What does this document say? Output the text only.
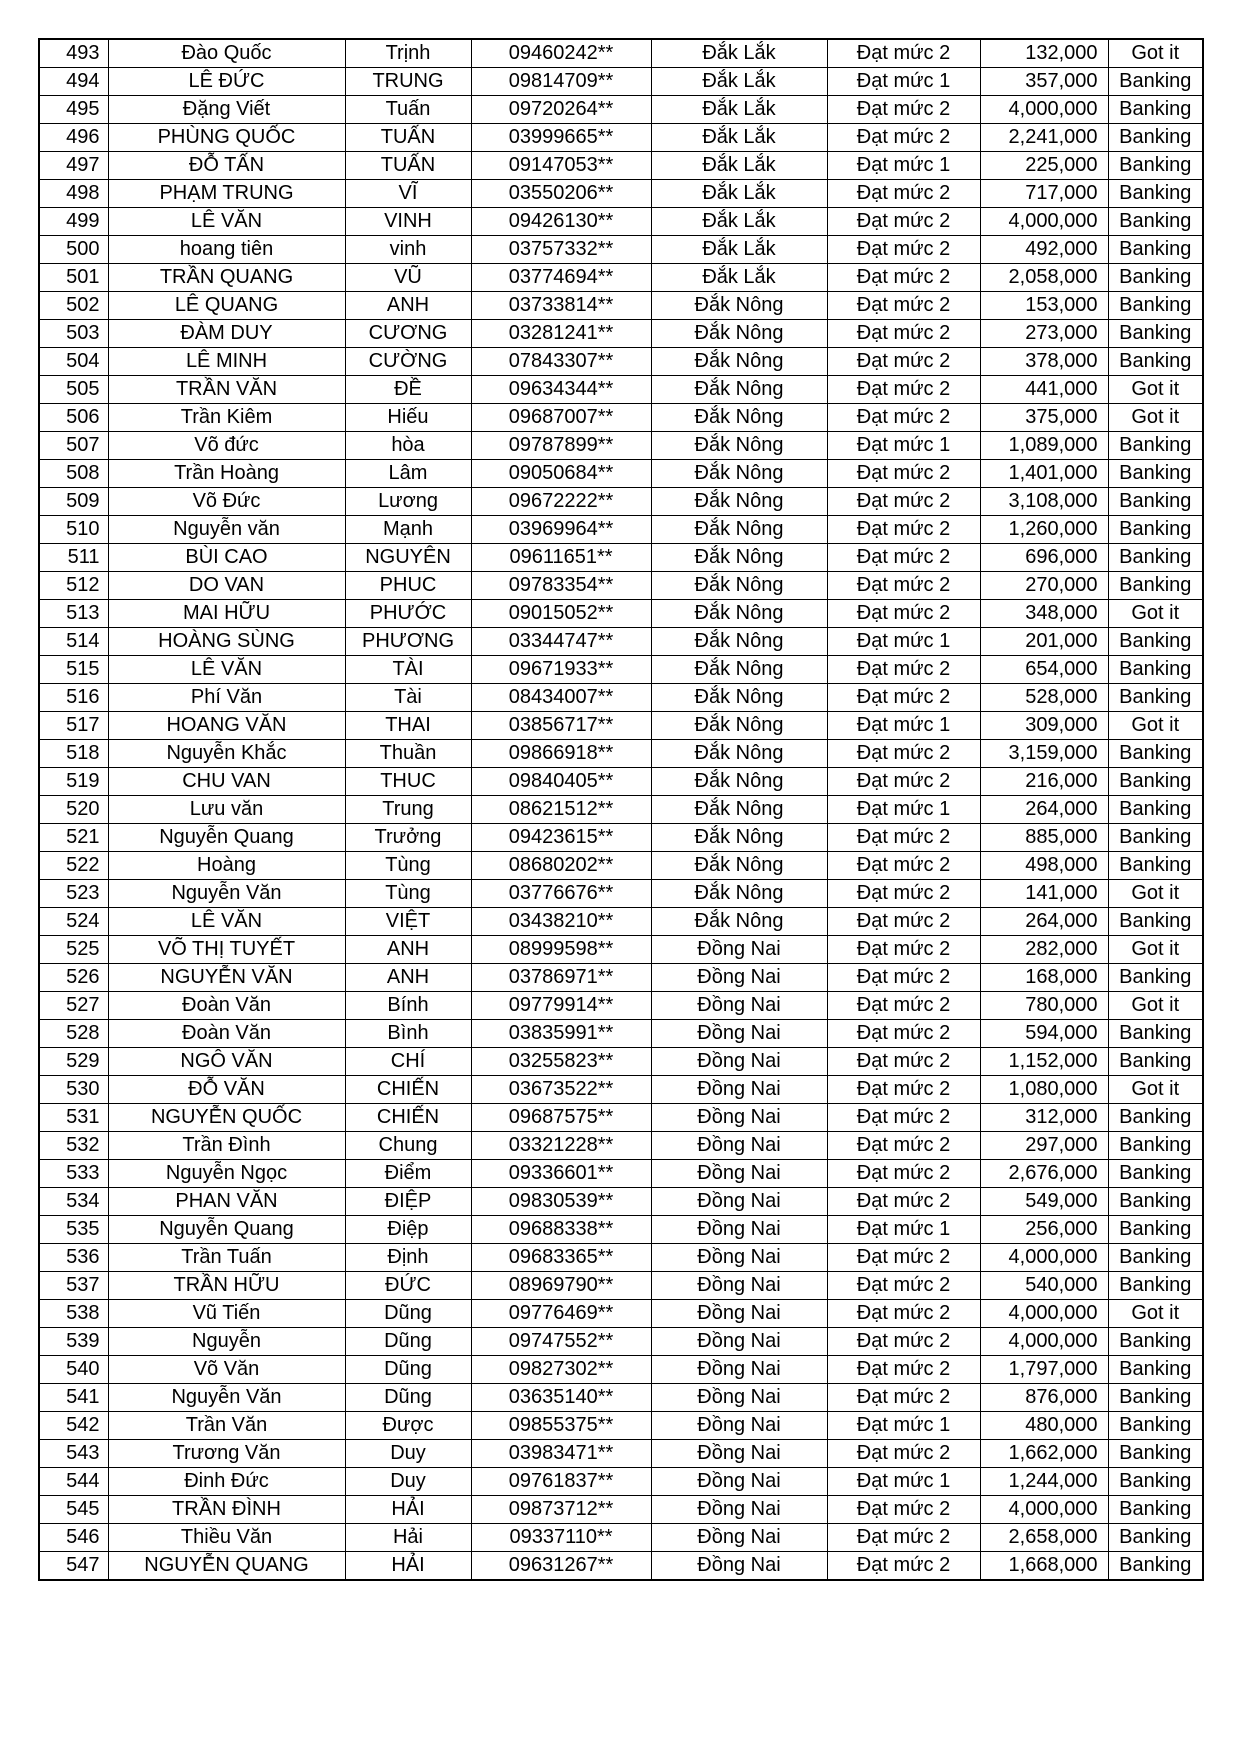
493	Đào Quốc	Trịnh	09460242**	Đắk Lắk	Đạt mức 2	132,000	Got it
494	LÊ ĐỨC	TRUNG	09814709**	Đắk Lắk	Đạt mức 1	357,000	Banking
495	Đặng Viết	Tuấn	09720264**	Đắk Lắk	Đạt mức 2	4,000,000	Banking
496	PHÙNG QUỐC	TUẤN	03999665**	Đắk Lắk	Đạt mức 2	2,241,000	Banking
497	ĐỖ TẤN	TUẤN	09147053**	Đắk Lắk	Đạt mức 1	225,000	Banking
498	PHẠM TRUNG	VĨ	03550206**	Đắk Lắk	Đạt mức 2	717,000	Banking
499	LÊ VĂN	VINH	09426130**	Đắk Lắk	Đạt mức 2	4,000,000	Banking
500	hoang tiên	vinh	03757332**	Đắk Lắk	Đạt mức 2	492,000	Banking
501	TRẦN QUANG	VŨ	03774694**	Đắk Lắk	Đạt mức 2	2,058,000	Banking
502	LÊ QUANG	ANH	03733814**	Đắk Nông	Đạt mức 2	153,000	Banking
503	ĐÀM DUY	CƯƠNG	03281241**	Đắk Nông	Đạt mức 2	273,000	Banking
504	LÊ MINH	CƯỜNG	07843307**	Đắk Nông	Đạt mức 2	378,000	Banking
505	TRẦN VĂN	ĐỀ	09634344**	Đắk Nông	Đạt mức 2	441,000	Got it
506	Trần Kiêm	Hiếu	09687007**	Đắk Nông	Đạt mức 2	375,000	Got it
507	Võ đức	hòa	09787899**	Đắk Nông	Đạt mức 1	1,089,000	Banking
508	Trần Hoàng	Lâm	09050684**	Đắk Nông	Đạt mức 2	1,401,000	Banking
509	Võ Đức	Lương	09672222**	Đắk Nông	Đạt mức 2	3,108,000	Banking
510	Nguyễn văn	Mạnh	03969964**	Đắk Nông	Đạt mức 2	1,260,000	Banking
511	BÙI CAO	NGUYÊN	09611651**	Đắk Nông	Đạt mức 2	696,000	Banking
512	DO VAN	PHUC	09783354**	Đắk Nông	Đạt mức 2	270,000	Banking
513	MAI HỮU	PHƯỚC	09015052**	Đắk Nông	Đạt mức 2	348,000	Got it
514	HOÀNG SÙNG	PHƯƠNG	03344747**	Đắk Nông	Đạt mức 1	201,000	Banking
515	LÊ VĂN	TÀI	09671933**	Đắk Nông	Đạt mức 2	654,000	Banking
516	Phí Văn	Tài	08434007**	Đắk Nông	Đạt mức 2	528,000	Banking
517	HOANG VĂN	THAI	03856717**	Đắk Nông	Đạt mức 1	309,000	Got it
518	Nguyễn Khắc	Thuần	09866918**	Đắk Nông	Đạt mức 2	3,159,000	Banking
519	CHU VAN	THUC	09840405**	Đắk Nông	Đạt mức 2	216,000	Banking
520	Lưu văn	Trung	08621512**	Đắk Nông	Đạt mức 1	264,000	Banking
521	Nguyễn Quang	Trưởng	09423615**	Đắk Nông	Đạt mức 2	885,000	Banking
522	Hoàng	Tùng	08680202**	Đắk Nông	Đạt mức 2	498,000	Banking
523	Nguyễn Văn	Tùng	03776676**	Đắk Nông	Đạt mức 2	141,000	Got it
524	LÊ VĂN	VIỆT	03438210**	Đắk Nông	Đạt mức 2	264,000	Banking
525	VÕ THỊ TUYẾT	ANH	08999598**	Đồng Nai	Đạt mức 2	282,000	Got it
526	NGUYỄN VĂN	ANH	03786971**	Đồng Nai	Đạt mức 2	168,000	Banking
527	Đoàn Văn	Bính	09779914**	Đồng Nai	Đạt mức 2	780,000	Got it
528	Đoàn Văn	Bình	03835991**	Đồng Nai	Đạt mức 2	594,000	Banking
529	NGÔ VĂN	CHÍ	03255823**	Đồng Nai	Đạt mức 2	1,152,000	Banking
530	ĐỖ VĂN	CHIẾN	03673522**	Đồng Nai	Đạt mức 2	1,080,000	Got it
531	NGUYỄN QUỐC	CHIẾN	09687575**	Đồng Nai	Đạt mức 2	312,000	Banking
532	Trần Đình	Chung	03321228**	Đồng Nai	Đạt mức 2	297,000	Banking
533	Nguyễn Ngọc	Điểm	09336601**	Đồng Nai	Đạt mức 2	2,676,000	Banking
534	PHAN VĂN	ĐIỆP	09830539**	Đồng Nai	Đạt mức 2	549,000	Banking
535	Nguyễn Quang	Điệp	09688338**	Đồng Nai	Đạt mức 1	256,000	Banking
536	Trần Tuấn	Định	09683365**	Đồng Nai	Đạt mức 2	4,000,000	Banking
537	TRẦN HỮU	ĐỨC	08969790**	Đồng Nai	Đạt mức 2	540,000	Banking
538	Vũ Tiến	Dũng	09776469**	Đồng Nai	Đạt mức 2	4,000,000	Got it
539	Nguyễn	Dũng	09747552**	Đồng Nai	Đạt mức 2	4,000,000	Banking
540	Võ Văn	Dũng	09827302**	Đồng Nai	Đạt mức 2	1,797,000	Banking
541	Nguyễn Văn	Dũng	03635140**	Đồng Nai	Đạt mức 2	876,000	Banking
542	Trần Văn	Được	09855375**	Đồng Nai	Đạt mức 1	480,000	Banking
543	Trương Văn	Duy	03983471**	Đồng Nai	Đạt mức 2	1,662,000	Banking
544	Đinh Đức	Duy	09761837**	Đồng Nai	Đạt mức 1	1,244,000	Banking
545	TRẦN ĐÌNH	HẢI	09873712**	Đồng Nai	Đạt mức 2	4,000,000	Banking
546	Thiều Văn	Hải	09337110**	Đồng Nai	Đạt mức 2	2,658,000	Banking
547	NGUYỄN QUANG	HẢI	09631267**	Đồng Nai	Đạt mức 2	1,668,000	Banking
